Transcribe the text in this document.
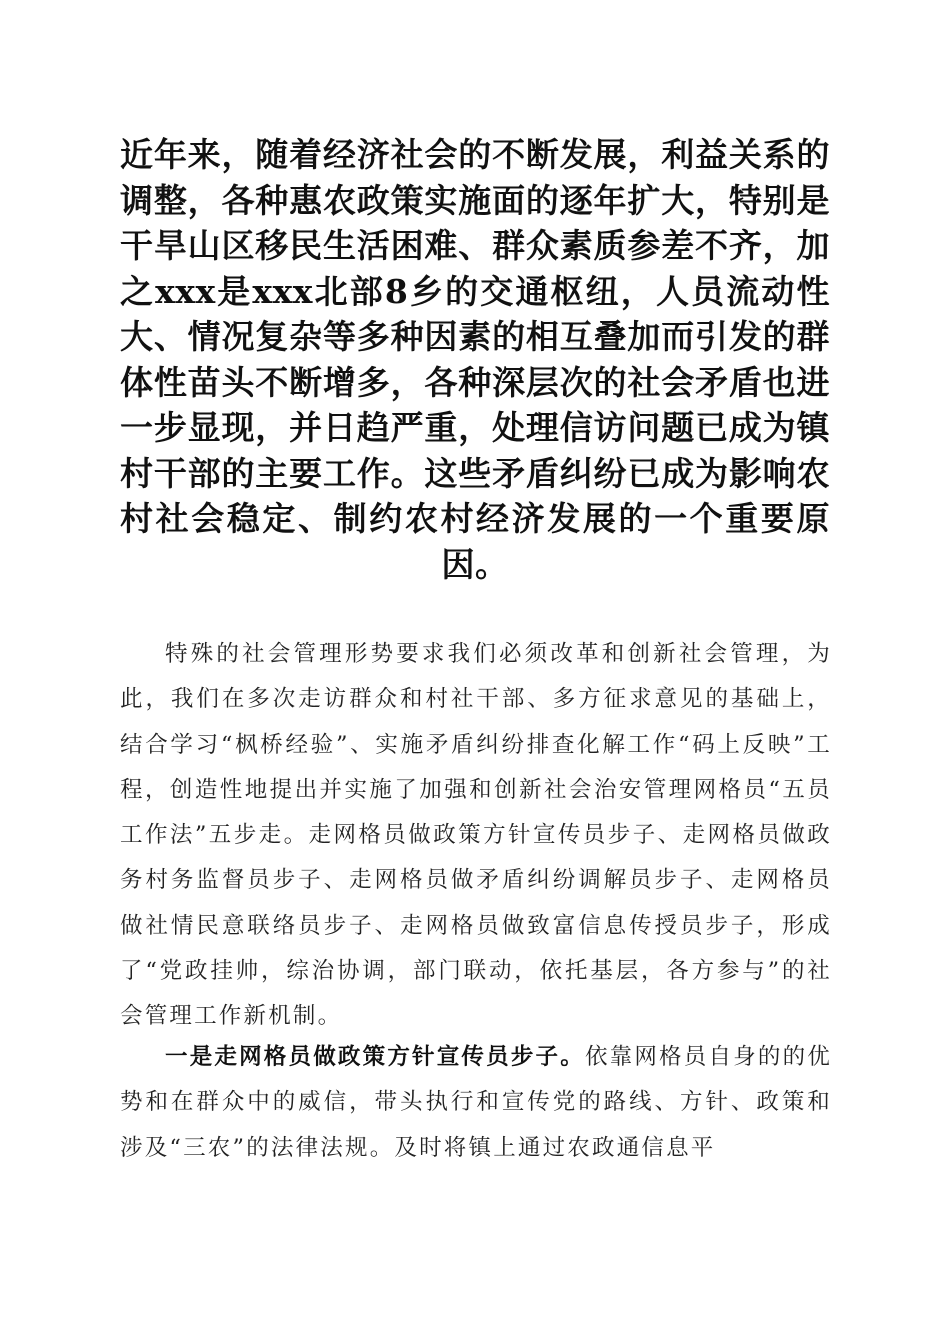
近年来，随着经济社会的不断发展，利益关系的调整，各种惠农政策实施面的逐年扩大，特别是干旱山区移民生活困难、群众素质参差不齐，加之xxx是xxx北部8乡的交通枢纽，人员流动性大、情况复杂等多种因素的相互叠加而引发的群体性苗头不断增多，各种深层次的社会矛盾也进一步显现，并日趋严重，处理信访问题已成为镇村干部的主要工作。这些矛盾纠纷已成为影响农村社会稳定、制约农村经济发展的一个重要原因。
特殊的社会管理形势要求我们必须改革和创新社会管理，为此，我们在多次走访群众和村社干部、多方征求意见的基础上，结合学习“枫桥经验”、实施矛盾纠纷排查化解工作“码上反映”工程，创造性地提出并实施了加强和创新社会治安管理网格员“五员工作法”五步走。走网格员做政策方针宣传员步子、走网格员做政务村务监督员步子、走网格员做矛盾纠纷调解员步子、走网格员做社情民意联络员步子、走网格员做致富信息传授员步子，形成了“党政挂帅，综治协调，部门联动，依托基层，各方参与”的社会管理工作新机制。
一是走网格员做政策方针宣传员步子。依靠网格员自身的的优势和在群众中的威信，带头执行和宣传党的路线、方针、政策和涉及“三农”的法律法规。及时将镇上通过农政通信息平
